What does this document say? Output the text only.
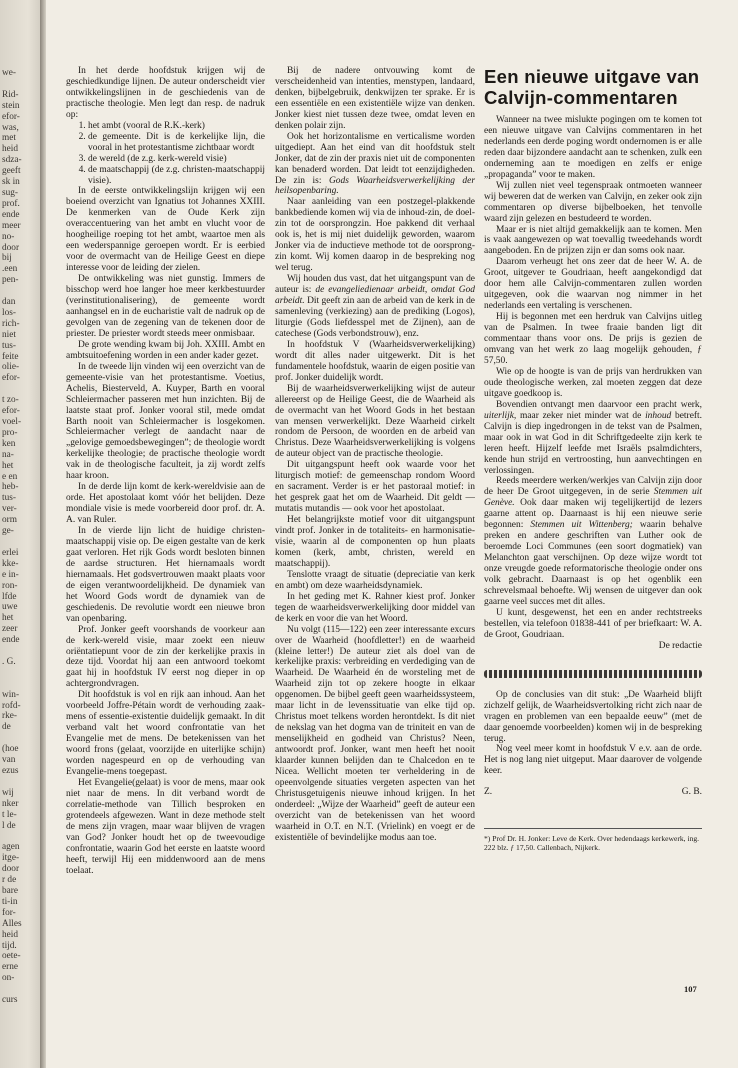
we-

Rid-
stein
efor-
was,
met
heid
sdza-
geeft
sk in
sug-
prof.
ende
meer
no-
door
bij
.een
pen-

dan
los-
rich-
niet
tus-
feite
olie-
efor-

t zo-
efor-
voel-
pro-
ken
na-
het
e en
heb-
tus-
ver-
orm
ge-

erlei
kke-
e in-
ron-
lfde
uwe
het
zeer
ende

. G.

win-
rofd-
rke-
de

(hoe
van
ezus

wij
nker
t le-
l de

agen
itge-
door
r de
bare
ti-in
for-
Alles
heid
tijd.
oete-
erne
on-

curs

In het derde hoofdstuk krijgen wij de geschiedkundige lijnen. De auteur onderscheidt vier ontwikkelingslijnen in de geschiedenis van de practische theologie. Men legt dan resp. de nadruk op:

1. het ambt (vooral de R.K.-kerk)
2. de gemeente. Dit is de kerkelijke lijn, die vooral in het protestantisme zichtbaar wordt
3. de wereld (de z.g. kerk-wereld visie)
4. de maatschappij (de z.g. christen-maatschappij visie).

In de eerste ontwikkelingslijn krijgen wij een boeiend overzicht van Ignatius tot Johannes XXIII. De kenmerken van de Oude Kerk zijn overaccentuering van het ambt en vlucht voor de hoogheilige roeping tot het ambt, waartoe men als een wederspannige geroepen wordt. Er is eerbied voor de overmacht van de Heilige Geest en diepe interesse voor de leiding der zielen.

De ontwikkeling was niet gunstig. Immers de bisschop werd hoe langer hoe meer kerkbestuurder (verinstitutionalisering), de gemeente wordt aanhangsel en in de eucharistie valt de nadruk op de gevolgen van de zegening van de tekenen door de priester. De priester wordt steeds meer onmisbaar.

De grote wending kwam bij Joh. XXIII. Ambt en ambtsuitoefening worden in een ander kader gezet.

In de tweede lijn vinden wij een overzicht van de gemeente-visie van het protestantisme. Voetius, Achelis, Biesterveld, A. Kuyper, Barth en vooral Schleiermacher passeren met hun inzichten. Bij de laatste staat prof. Jonker vooral stil, mede omdat Barth nooit van Schleiermacher is losgekomen. Schleiermacher verlegt de aandacht naar de „gelovige gemoedsbewegingen”; de theologie wordt kerkelijke theologie; de practische theologie wordt vak in de theologische faculteit, ja zij wordt zelfs haar kroon.

In de derde lijn komt de kerk-wereldvisie aan de orde. Het apostolaat komt vóór het belijden. Deze mondiale visie is mede voorbereid door prof. dr. A. A. van Ruler.

In de vierde lijn licht de huidige christen-maatschappij visie op. De eigen gestalte van de kerk gaat verloren. Het rijk Gods wordt besloten binnen de aardse structuren. Het hiernamaals wordt hiernamaals. Het godsvertrouwen maakt plaats voor de eigen verantwoordelijkheid. De dynamiek van het Woord Gods wordt de dynamiek van de geschiedenis. De revolutie wordt een nieuwe bron van openbaring.

Prof. Jonker geeft voorshands de voorkeur aan de kerk-wereld visie, maar zoekt een nieuw oriëntatiepunt voor de zin der kerkelijke praxis in deze tijd. Voordat hij aan een antwoord toekomt gaat hij in hoofdstuk IV eerst nog dieper in op achtergrondvragen.

Dit hoofdstuk is vol en rijk aan inhoud. Aan het voorbeeld Joffre-Pétain wordt de verhouding zaak-mens of essentie-existentie duidelijk gemaakt. In dit verband valt het woord confrontatie van het Evangelie met de mens. De betekenissen van het woord frons (gelaat, voorzijde en uiterlijke schijn) worden nagespeurd en op de verhouding van Evangelie-mens toegepast.

Het Evangelie(gelaat) is voor de mens, maar ook niet naar de mens. In dit verband wordt de correlatie-methode van Tillich besproken en grotendeels afgewezen. Want in deze methode stelt de mens zijn vragen, maar waar blijven de vragen van God? Jonker houdt het op de tweevoudige confrontatie, waarin God het eerste en laatste woord heeft, terwijl Hij een middenwoord aan de mens toelaat.

Bij de nadere ontvouwing komt de verscheidenheid van intenties, menstypen, landaard, denken, bijbelgebruik, denkwijzen ter sprake. Er is een essentiële en een existentiële wijze van denken. Jonker kiest niet tussen deze twee, omdat leven en denken polair zijn.

Ook het horizontalisme en verticalisme worden uitgediept. Aan het eind van dit hoofdstuk stelt Jonker, dat de zin der praxis niet uit de componenten kan benaderd worden. Dat leidt tot eenzijdigheden. De zin is: Gods Waarheidsverwerkelijking der heilsopenbaring.

Naar aanleiding van een postzegel-plakkende bankbediende komen wij via de inhoud-zin, de doel-zin tot de oorsprongzin. Hoe pakkend dit verhaal ook is, het is mij niet duidelijk geworden, waarom Jonker via de inductieve methode tot de oorsprong-zin komt. Wij komen daarop in de bespreking nog wel terug.

Wij houden dus vast, dat het uitgangspunt van de auteur is: de evangeliedienaar arbeidt, omdat God arbeidt. Dit geeft zin aan de arbeid van de kerk in de samenleving (verkiezing) aan de prediking (Logos), liturgie (Gods liefdesspel met de Zijnen), aan de catechese (Gods verbondstrouw), enz.

In hoofdstuk V (Waarheidsverwerkelijking) wordt dit alles nader uitgewerkt. Dit is het fundamentele hoofdstuk, waarin de eigen positie van prof. Jonker duidelijk wordt.

Bij de waarheidsverwerkelijking wijst de auteur allereerst op de Heilige Geest, die de Waarheid als de overmacht van het Woord Gods in het bestaan van mensen verwerkelijkt. Deze Waarheid cirkelt rondom de Persoon, de woorden en de arbeid van Christus. Deze Waarheidsverwerkelijking is volgens de auteur object van de practische theologie.

Dit uitgangspunt heeft ook waarde voor het liturgisch motief: de gemeenschap rondom Woord en sacrament. Verder is er het pastoraal motief: in het gesprek gaat het om de Waarheid. Dit geldt — mutatis mutandis — ook voor het apostolaat.

Het belangrijkste motief voor dit uitgangspunt vindt prof. Jonker in de totaliteits- en harmonisatie-visie, waarin al de componenten op hun plaats komen (kerk, ambt, christen, wereld en maatschappij).

Tenslotte vraagt de situatie (depreciatie van kerk en ambt) om deze waarheidsdynamiek.

In het geding met K. Rahner kiest prof. Jonker tegen de waarheidsverwerkelijking door middel van de kerk en voor die van het Woord.

Nu volgt (115—122) een zeer interessante excurs over de Waarheid (hoofdletter!) en de waarheid (kleine letter!) De auteur ziet als doel van de kerkelijke praxis: verbreiding en verdediging van de Waarheid. De Waarheid én de worsteling met de Waarheid zijn tot op zekere hoogte in elkaar opgenomen. De bijbel geeft geen waarheidssysteem, maar licht in de levenssituatie van elke tijd op. Christus moet telkens worden herontdekt. Is dit niet de nekslag van het dogma van de triniteit en van de menselijkheid en godheid van Christus? Neen, antwoordt prof. Jonker, want men heeft het nooit klaarder kunnen belijden dan te Chalcedon en te Nicea. Wellicht moeten ter verheldering in de opeenvolgende situaties vergeten aspecten van het Christusgetuigenis nieuwe inhoud krijgen. In het onderdeel: „Wijze der Waarheid” geeft de auteur een overzicht van de betekenissen van het woord waarheid in O.T. en N.T. (Vrielink) en voegt er de existentiële of bevindelijke modus aan toe.

Een nieuwe uitgave van Calvijn-commentaren

Wanneer na twee mislukte pogingen om te komen tot een nieuwe uitgave van Calvijns commentaren in het nederlands een derde poging wordt ondernomen is er alle reden daar bijzondere aandacht aan te schenken, zulk een onderneming aan te moedigen en zelfs er enige „propaganda” voor te maken.

Wij zullen niet veel tegenspraak ontmoeten wanneer wij beweren dat de werken van Calvijn, en zeker ook zijn commentaren op diverse bijbelboeken, het tenvolle waard zijn gelezen en bestudeerd te worden.

Maar er is niet altijd gemakkelijk aan te komen. Men is vaak aangewezen op wat toevallig tweedehands wordt aangeboden. En de prijzen zijn er dan soms ook naar.

Daarom verheugt het ons zeer dat de heer W. A. de Groot, uitgever te Goudriaan, heeft aangekondigd dat door hem alle Calvijn-commentaren zullen worden uitgegeven, ook die waarvan nog nimmer in het nederlands een vertaling is verschenen.

Hij is begonnen met een herdruk van Calvijns uitleg van de Psalmen. In twee fraaie banden ligt dit commentaar thans voor ons. De prijs is gezien de omvang van het werk zo laag mogelijk gehouden, ƒ 57,50.

Wie op de hoogte is van de prijs van herdrukken van oude theologische werken, zal moeten zeggen dat deze uitgave goedkoop is.

Bovendien ontvangt men daarvoor een pracht werk, uiterlijk, maar zeker niet minder wat de inhoud betreft. Calvijn is diep ingedrongen in de tekst van de Psalmen, maar ook in wat God in dit Schriftgedeelte zijn kerk te leren heeft. Hijzelf leefde met Israëls psalmdichters, kende hun strijd en vertroosting, hun aanvechtingen en verlossingen.

Reeds meerdere werken/werkjes van Calvijn zijn door de heer De Groot uitgegeven, in de serie Stemmen uit Genève. Ook daar maken wij tegelijkertijd de lezers gaarne attent op. Daarnaast is hij een nieuwe serie begonnen: Stemmen uit Wittenberg; waarin behalve preken en andere geschriften van Luther ook de beroemde Loci Communes (een soort dogmatiek) van Melanchton gaat verschijnen. Op deze wijze wordt tot onze vreugde goede reformatorische theologie onder ons volk gebracht. Daarnaast is op het ogenblik een schrevelsmaal behoefte. Wij wensen de uitgever dan ook gaarne veel succes met dit alles.

U kunt, desgewenst, het een en ander rechtstreeks bestellen, via telefoon 01838-441 of per briefkaart: W. A. de Groot, Goudriaan.

De redactie

Op de conclusies van dit stuk: „De Waarheid blijft zichzelf gelijk, de Waarheidsvertolking richt zich naar de vragen en problemen van een bepaalde eeuw” (met de daar genoemde voorbeelden) komen wij in de bespreking terug.

Nog veel meer komt in hoofdstuk V e.v. aan de orde. Het is nog lang niet uitgeput. Maar daarover de volgende keer.

Z.	G. B.
*) Prof Dr. H. Jonker: Leve de Kerk. Over hedendaags kerkewerk, ing. 222 blz. ƒ 17,50. Callenbach, Nijkerk.
107
